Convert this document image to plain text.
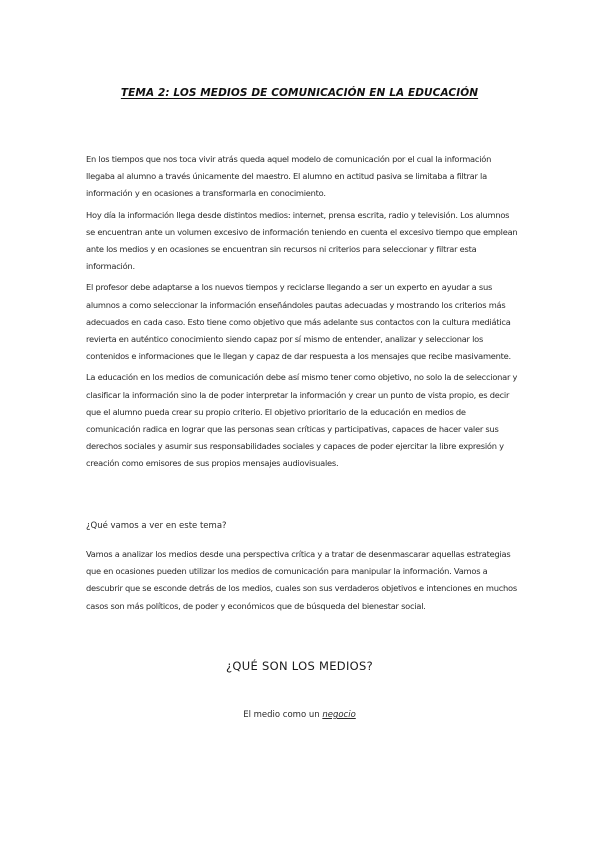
TEMA 2: LOS MEDIOS DE COMUNICACIÓN EN LA EDUCACIÓN

En los tiempos que nos toca vivir atrás queda aquel modelo de comunicación por el cual la información llegaba al alumno a través únicamente del maestro. El alumno en actitud pasiva se limitaba a filtrar la información y en ocasiones a transformarla en conocimiento.

Hoy día la información llega desde distintos medios: internet, prensa escrita, radio y televisión. Los alumnos se encuentran ante un volumen excesivo de información teniendo en cuenta el excesivo tiempo que emplean ante los medios y en ocasiones se encuentran sin recursos ni criterios para seleccionar y filtrar esta información.

El profesor debe adaptarse a los nuevos tiempos y reciclarse llegando a ser un experto en ayudar a sus alumnos a como seleccionar la información enseñándoles pautas adecuadas y mostrando los criterios más adecuados en cada caso. Esto tiene como objetivo que más adelante sus contactos con la cultura mediática revierta en auténtico conocimiento siendo capaz por sí mismo de entender, analizar y seleccionar los contenidos e informaciones que le llegan y capaz de dar respuesta a los mensajes que recibe masivamente.

La educación en los medios de comunicación debe así mismo tener como objetivo, no solo la de seleccionar y clasificar la información sino la de poder interpretar la información y crear un punto de vista propio, es decir que el alumno pueda crear su propio criterio. El objetivo prioritario de la educación en medios de comunicación radica en lograr que las personas sean críticas y participativas, capaces de hacer valer sus derechos sociales y asumir sus responsabilidades sociales y capaces de poder ejercitar la libre expresión y creación como emisores de sus propios mensajes audiovisuales.

¿Qué vamos a ver en este tema?

Vamos a analizar los medios desde una perspectiva crítica y a tratar de desenmascarar aquellas estrategias que en ocasiones pueden utilizar los medios de comunicación para manipular la información. Vamos a descubrir que se esconde detrás de los medios, cuales son sus verdaderos objetivos e intenciones en muchos casos son más políticos, de poder y económicos que de búsqueda del bienestar social.

¿QUÉ SON LOS MEDIOS?
El medio como un negocio
